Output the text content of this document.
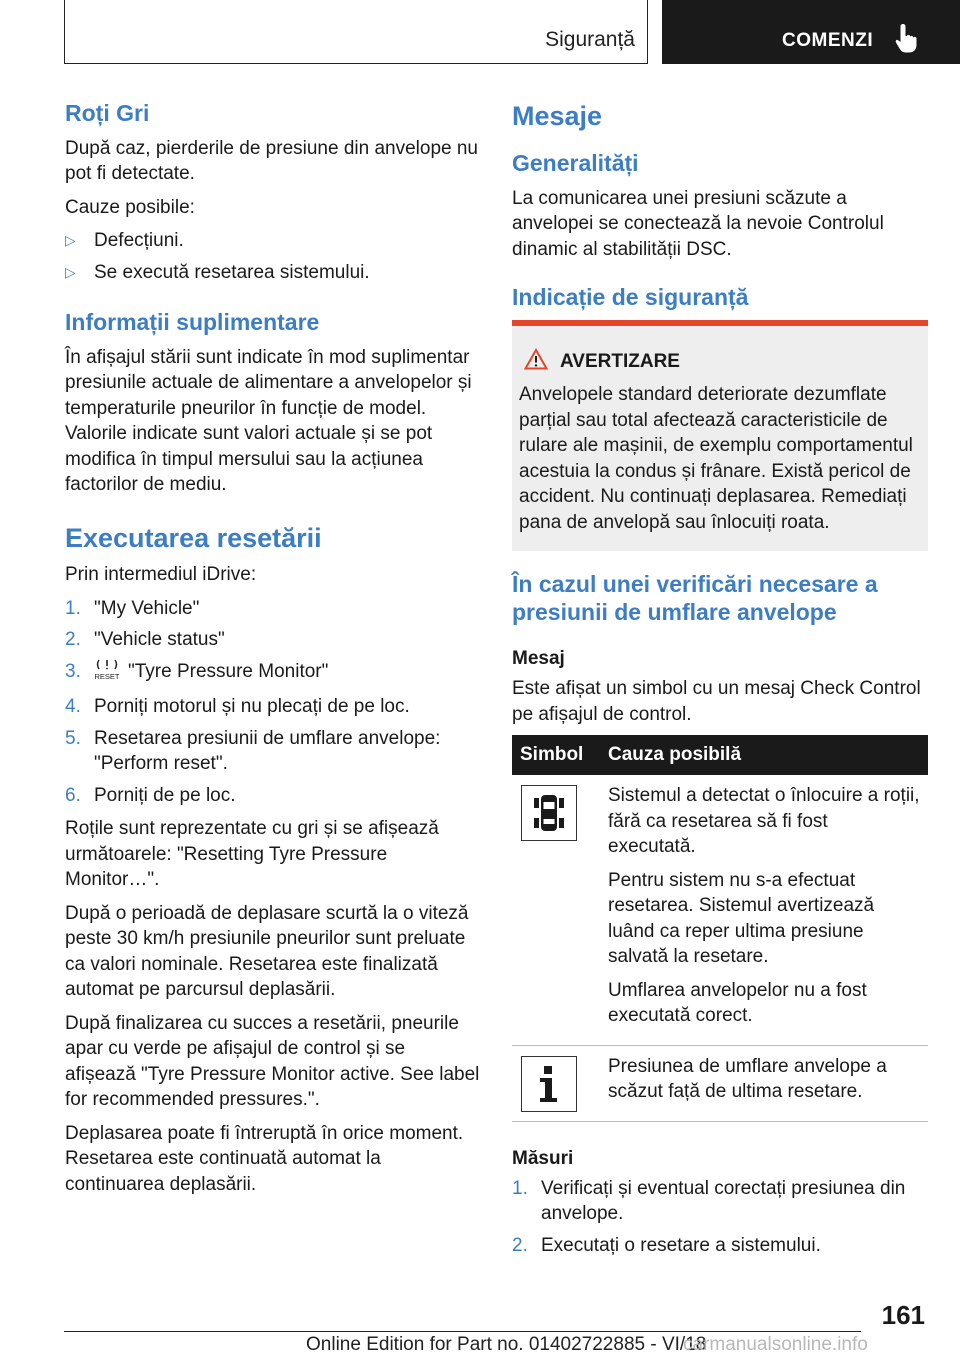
Siguranță	COMENZI
Roți Gri

După caz, pierderile de presiune din anvelope nu pot fi detectate.

Cauze posibile:

▷ Defecțiuni.
▷ Se execută resetarea sistemului.
Informații suplimentare

În afișajul stării sunt indicate în mod suplimentar presiunile actuale de alimentare a anvelopelor și temperaturile pneurilor în funcție de model. Valorile indicate sunt valori actuale și se pot modifica în timpul mersului sau la acțiunea factorilor de mediu.

Executarea resetării

Prin intermediul iDrive:

1. "My Vehicle"
2. "Vehicle status"
3. RESET "Tyre Pressure Monitor"
4. Porniți motorul și nu plecați de pe loc.
5. Resetarea presiunii de umflare anvelope: "Perform reset".
6. Porniți de pe loc.

Roțile sunt reprezentate cu gri și se afișează următoarele: "Resetting Tyre Pressure Monitor…".

După o perioadă de deplasare scurtă la o viteză peste 30 km/h presiunile pneurilor sunt preluate ca valori nominale. Resetarea este finalizată automat pe parcursul deplasării.

După finalizarea cu succes a resetării, pneurile apar cu verde pe afișajul de control și se afișează "Tyre Pressure Monitor active. See label for recommended pressures.".

Deplasarea poate fi întreruptă în orice moment. Resetarea este continuată automat la continuarea deplasării.

Mesaje
Generalități

La comunicarea unei presiuni scăzute a anvelopei se conectează la nevoie Controlul dinamic al stabilității DSC.

Indicație de siguranță
AVERTIZARE

Anvelopele standard deteriorate dezumflate parțial sau total afectează caracteristicile de rulare ale mașinii, de exemplu comportamentul acestuia la condus și frânare. Există pericol de accident. Nu continuați deplasarea. Remediați pana de anvelopă sau înlocuiți roata.

În cazul unei verificări necesare a presiunii de umflare anvelope
Mesaj

Este afișat un simbol cu un mesaj Check Control pe afișajul de control.

Simbol	Cauza posibilă

Sistemul a detectat o înlocuire a roții, fără ca resetarea să fi fost executată.

Pentru sistem nu s-a efectuat resetarea. Sistemul avertizează luând ca reper ultima presiune salvată la resetare.

Umflarea anvelopelor nu a fost executată corect.

Presiunea de umflare anvelope a scăzut față de ultima resetare.

Măsuri
1. Verificați și eventual corectați presiunea din anvelope.
2. Executați o resetare a sistemului.
161
Online Edition for Part no. 01402722885 - VI/18
carmanualsonline.info
